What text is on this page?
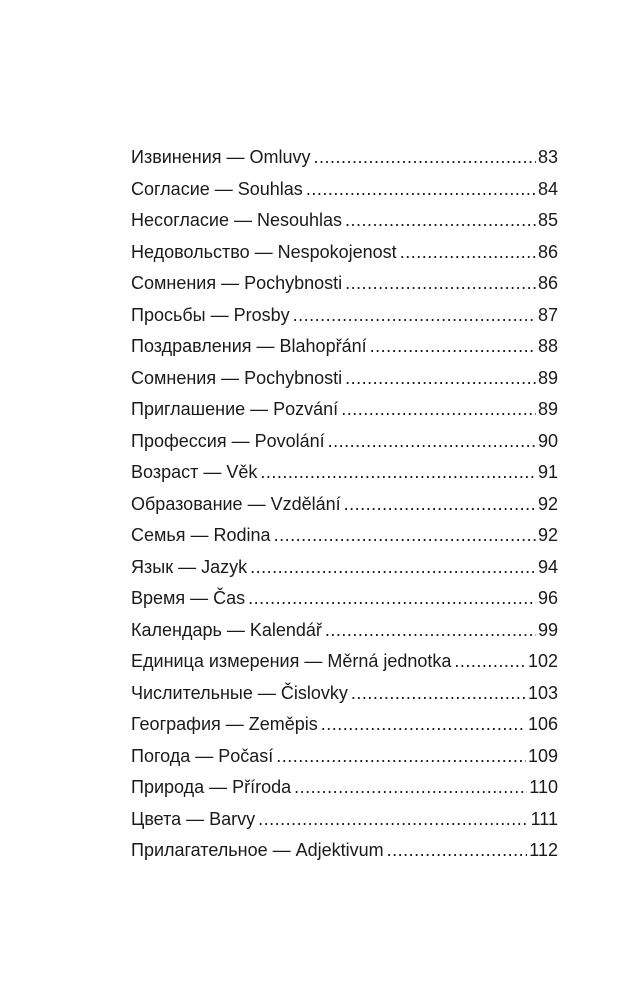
Извинения — Omluvy .....	83
Согласие — Souhlas .....	84
Несогласие — Nesouhlas .....	85
Недовольство — Nespokojenost .....	86
Сомнения — Pochybnosti .....	86
Просьбы — Prosby .....	87
Поздравления — Blahopřání .....	88
Сомнения — Pochybnosti .....	89
Приглашение — Pozvání .....	89
Профессия — Povolání .....	90
Возраст — Věk .....	91
Образование — Vzdělání .....	92
Семья — Rodina .....	92
Язык — Jazyk .....	94
Время — Čas .....	96
Календарь — Kalendář .....	99
Единица измерения — Měrná jednotka .....	102
Числительные — Čislovky .....	103
География — Zeměpis .....	106
Погода — Počasí .....	109
Природа — Příroda .....	110
Цвета — Barvy .....	111
Прилагательное — Adjektivum .....	112
